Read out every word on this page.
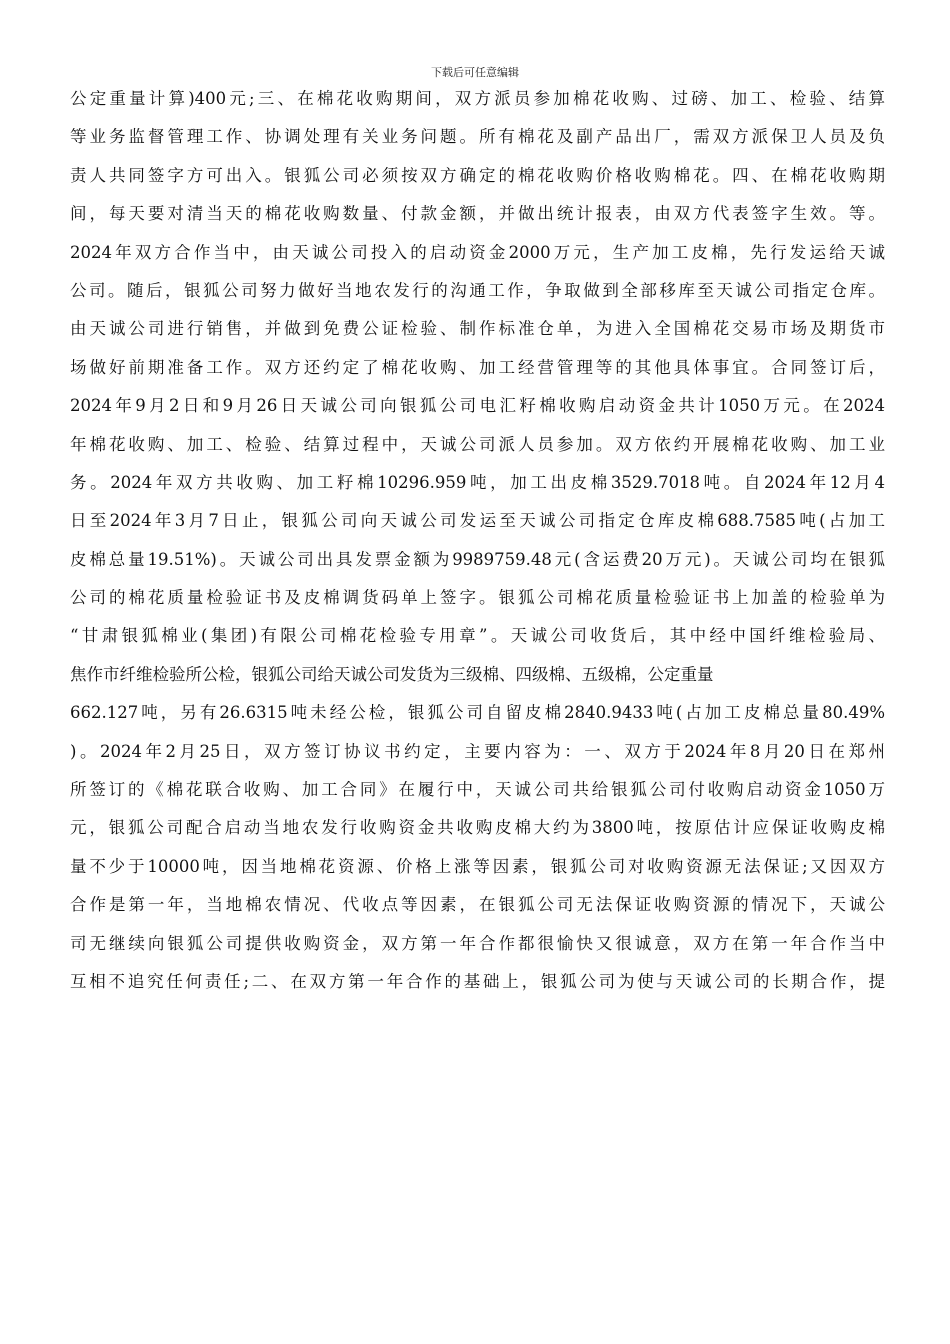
下载后可任意编辑
公定重量计算)400元;三、在棉花收购期间，双方派员参加棉花收购、过磅、加工、检验、结算
等业务监督管理工作、协调处理有关业务问题。所有棉花及副产品出厂，需双方派保卫人员及负
责人共同签字方可出入。银狐公司必须按双方确定的棉花收购价格收购棉花。四、在棉花收购期
间，每天要对清当天的棉花收购数量、付款金额，并做出统计报表，由双方代表签字生效。等。
2024年双方合作当中，由天诚公司投入的启动资金2000万元，生产加工皮棉，先行发运给天诚
公司。随后，银狐公司努力做好当地农发行的沟通工作，争取做到全部移库至天诚公司指定仓库。
由天诚公司进行销售，并做到免费公证检验、制作标准仓单，为进入全国棉花交易市场及期货市
场做好前期准备工作。双方还约定了棉花收购、加工经营管理等的其他具体事宜。合同签订后，
2024年9月2日和9月26日天诚公司向银狐公司电汇籽棉收购启动资金共计1050万元。在2024
年棉花收购、加工、检验、结算过程中，天诚公司派人员参加。双方依约开展棉花收购、加工业
务。2024年双方共收购、加工籽棉10296.959吨，加工出皮棉3529.7018吨。自2024年12月4
日至2024年3月7日止，银狐公司向天诚公司发运至天诚公司指定仓库皮棉688.7585吨(占加工
皮棉总量19.51%)。天诚公司出具发票金额为9989759.48元(含运费20万元)。天诚公司均在银狐
公司的棉花质量检验证书及皮棉调货码单上签字。银狐公司棉花质量检验证书上加盖的检验单为
“甘肃银狐棉业(集团)有限公司棉花检验专用章”。天诚公司收货后，其中经中国纤维检验局、
焦作市纤维检验所公检，银狐公司给天诚公司发货为三级棉、四级棉、五级棉，公定重量
662.127吨，另有26.6315吨未经公检，银狐公司自留皮棉2840.9433吨(占加工皮棉总量80.49%
)。2024年2月25日，双方签订协议书约定，主要内容为：一、双方于2024年8月20日在郑州
所签订的《棉花联合收购、加工合同》在履行中，天诚公司共给银狐公司付收购启动资金1050万
元，银狐公司配合启动当地农发行收购资金共收购皮棉大约为3800吨，按原估计应保证收购皮棉
量不少于10000吨，因当地棉花资源、价格上涨等因素，银狐公司对收购资源无法保证;又因双方
合作是第一年，当地棉农情况、代收点等因素，在银狐公司无法保证收购资源的情况下，天诚公
司无继续向银狐公司提供收购资金，双方第一年合作都很愉快又很诚意，双方在第一年合作当中
互相不追究任何责任;二、在双方第一年合作的基础上，银狐公司为使与天诚公司的长期合作，提
